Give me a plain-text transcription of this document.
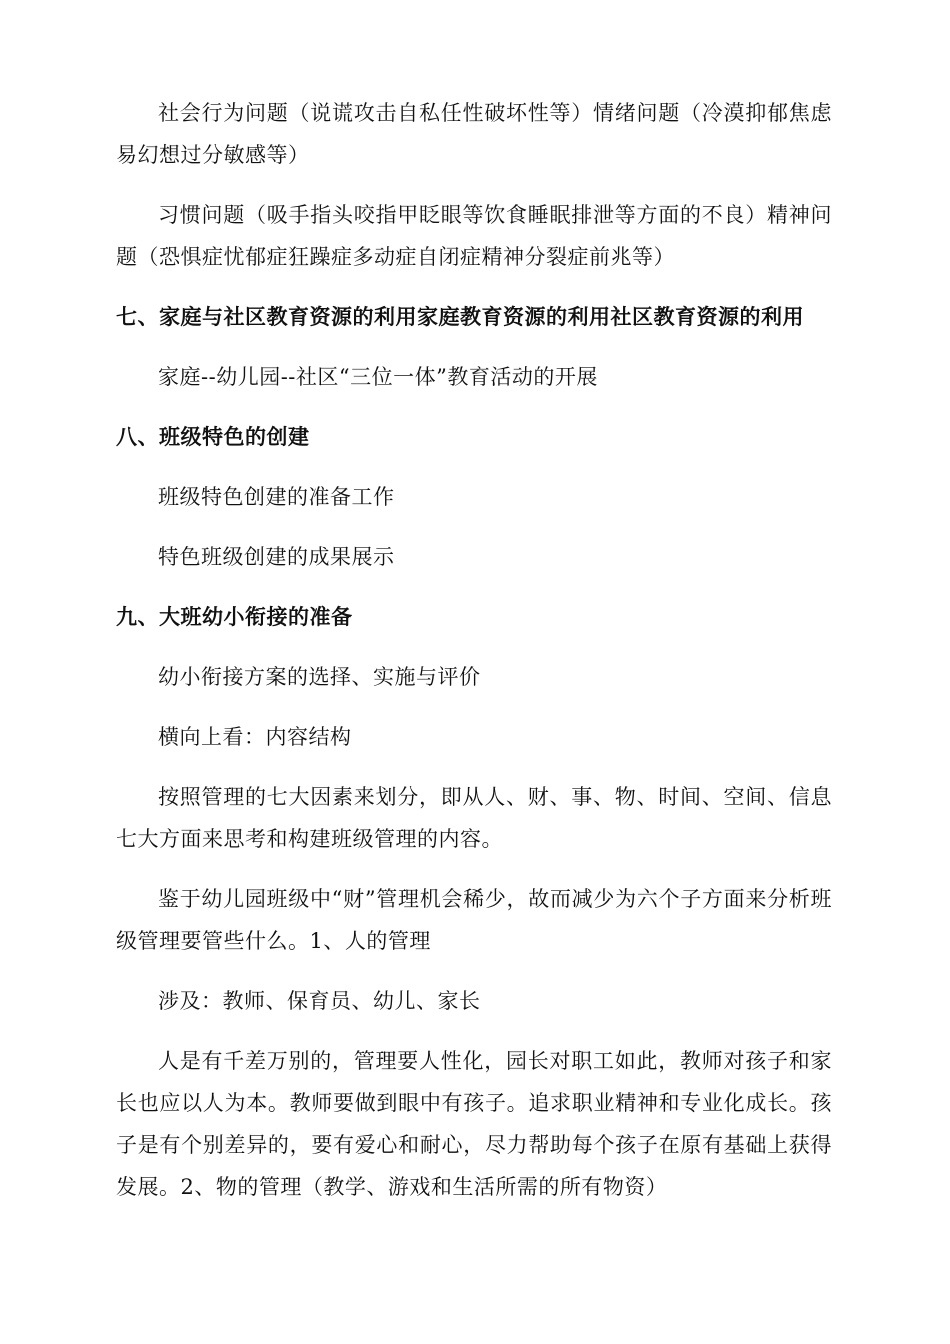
社会行为问题（说谎攻击自私任性破坏性等）情绪问题（冷漠抑郁焦虑易幻想过分敏感等）

习惯问题（吸手指头咬指甲眨眼等饮食睡眠排泄等方面的不良）精神问题（恐惧症忧郁症狂躁症多动症自闭症精神分裂症前兆等）

七、家庭与社区教育资源的利用家庭教育资源的利用社区教育资源的利用

家庭--幼儿园--社区“三位一体”教育活动的开展

八、班级特色的创建

班级特色创建的准备工作

特色班级创建的成果展示

九、大班幼小衔接的准备

幼小衔接方案的选择、实施与评价

横向上看：内容结构

按照管理的七大因素来划分，即从人、财、事、物、时间、空间、信息七大方面来思考和构建班级管理的内容。

鉴于幼儿园班级中“财”管理机会稀少，故而减少为六个子方面来分析班级管理要管些什么。1、人的管理

涉及：教师、保育员、幼儿、家长

人是有千差万别的，管理要人性化，园长对职工如此，教师对孩子和家长也应以人为本。教师要做到眼中有孩子。追求职业精神和专业化成长。孩子是有个别差异的，要有爱心和耐心，尽力帮助每个孩子在原有基础上获得发展。2、物的管理（教学、游戏和生活所需的所有物资）
